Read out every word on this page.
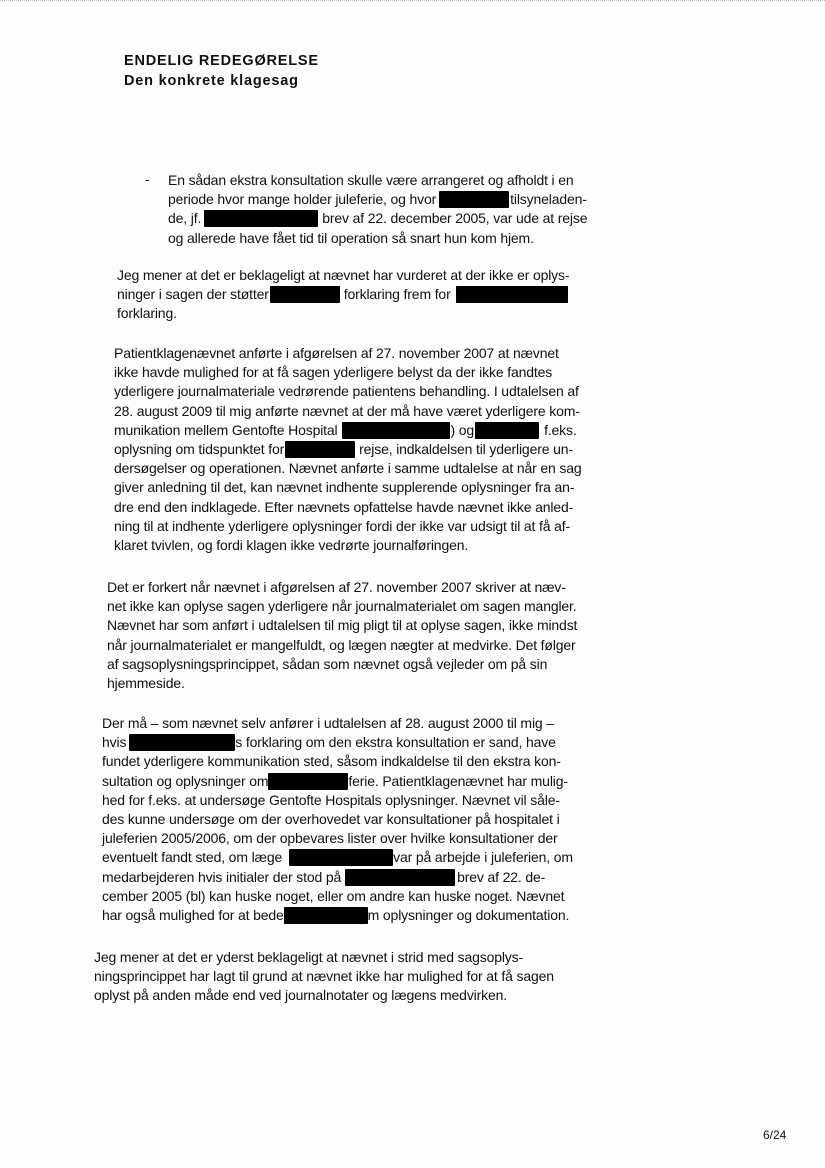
ENDELIG REDEGØRELSE
Den konkrete klagesag
- En sådan ekstra konsultation skulle være arrangeret og afholdt i en
periode hvor mange holder juleferie, og hvor	tilsyneladen-
de, jf.	brev af 22. december 2005, var ude at rejse
og allerede have fået tid til operation så snart hun kom hjem.
Jeg mener at det er beklageligt at nævnet har vurderet at der ikke er oplys-
ninger i sagen der støtter	forklaring frem for
forklaring.
Patientklagenævnet anførte i afgørelsen af 27. november 2007 at nævnet
ikke havde mulighed for at få sagen yderligere belyst da der ikke fandtes
yderligere journalmateriale vedrørende patientens behandling. I udtalelsen af
28. august 2009 til mig anførte nævnet at der må have været yderligere kom-
munikation mellem Gentofte Hospital	) og	f.eks.
oplysning om tidspunktet for	rejse, indkaldelsen til yderligere un-
dersøgelser og operationen. Nævnet anførte i samme udtalelse at når en sag
giver anledning til det, kan nævnet indhente supplerende oplysninger fra an-
dre end den indklagede. Efter nævnets opfattelse havde nævnet ikke anled-
ning til at indhente yderligere oplysninger fordi der ikke var udsigt til at få af-
klaret tvivlen, og fordi klagen ikke vedrørte journalføringen.
Det er forkert når nævnet i afgørelsen af 27. november 2007 skriver at næv-
net ikke kan oplyse sagen yderligere når journalmaterialet om sagen mangler.
Nævnet har som anført i udtalelsen til mig pligt til at oplyse sagen, ikke mindst
når journalmaterialet er mangelfuldt, og lægen nægter at medvirke. Det følger
af sagsoplysningsprincippet, sådan som nævnet også vejleder om på sin
hjemmeside.
Der må – som nævnet selv anfører i udtalelsen af 28. august 2000 til mig –
hvis	s forklaring om den ekstra konsultation er sand, have
fundet yderligere kommunikation sted, såsom indkaldelse til den ekstra kon-
sultation og oplysninger om	ferie. Patientklagenævnet har mulig-
hed for f.eks. at undersøge Gentofte Hospitals oplysninger. Nævnet vil såle-
des kunne undersøge om der overhovedet var konsultationer på hospitalet i
juleferien 2005/2006, om der opbevares lister over hvilke konsultationer der
eventuelt fandt sted, om læge	var på arbejde i juleferien, om
medarbejderen hvis initialer der stod på	brev af 22. de-
cember 2005 (bl) kan huske noget, eller om andre kan huske noget. Nævnet
har også mulighed for at bede	m oplysninger og dokumentation.
Jeg mener at det er yderst beklageligt at nævnet i strid med sagsoplys-
ningsprincippet har lagt til grund at nævnet ikke har mulighed for at få sagen
oplyst på anden måde end ved journalnotater og lægens medvirken.
6/24
